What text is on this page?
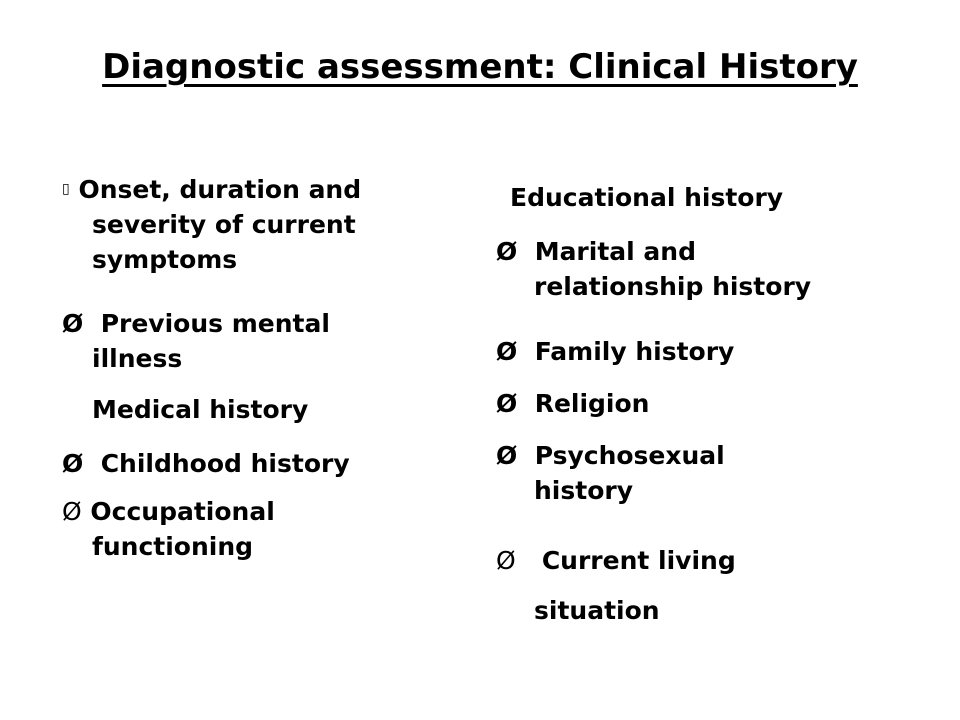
Diagnostic assessment: Clinical History
▯ Onset, duration and
severity of current
symptoms
Ø Previous mental
illness
Medical history
Ø Childhood history
Ø Occupational
functioning
Educational history
Ø Marital and
relationship history
Ø Family history
Ø Religion
Ø Psychosexual
history
Ø Current living
situation
